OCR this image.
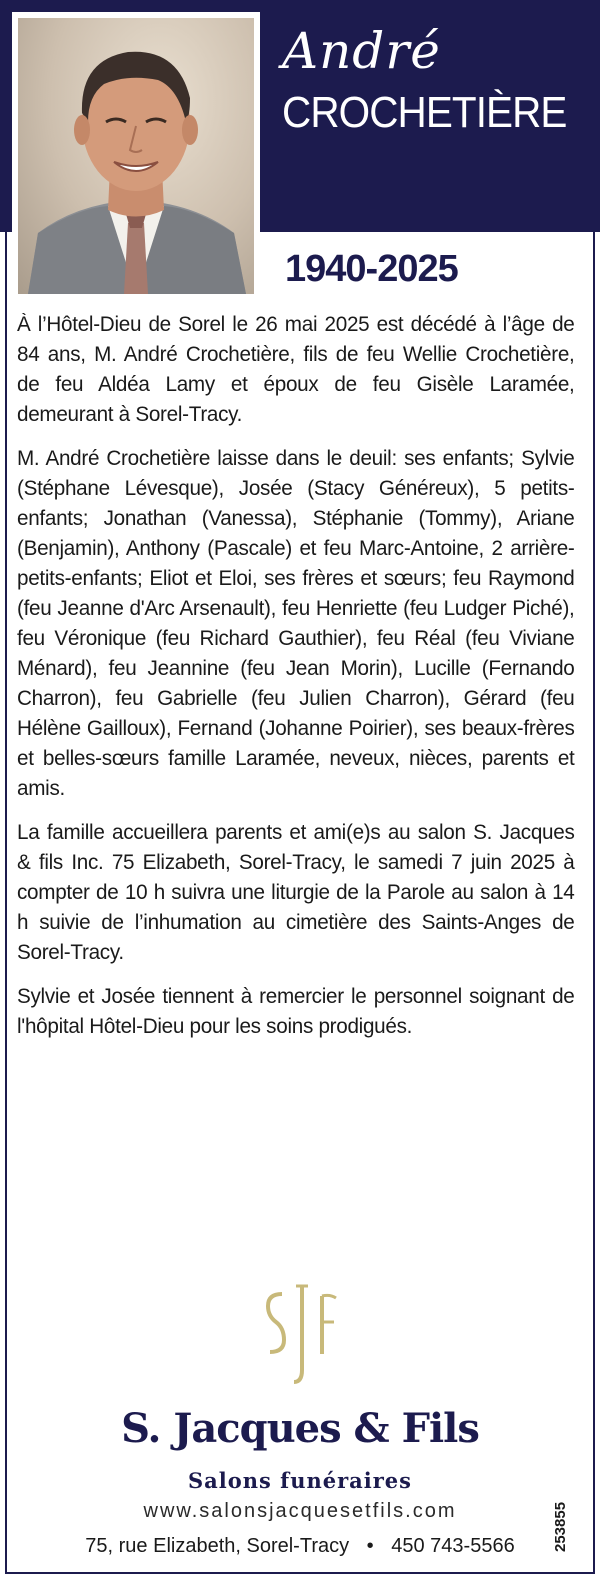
André
CROCHETIÈRE
1940-2025

À l’Hôtel-Dieu de Sorel le 26 mai 2025 est décédé à l’âge de 84 ans, M. André Crochetière, fils de feu Wellie Crochetière, de feu Aldéa Lamy et époux de feu Gisèle Laramée, demeurant à Sorel-Tracy.

M. André Crochetière laisse dans le deuil: ses enfants; Sylvie (Stéphane Lévesque), Josée (Stacy Généreux), 5 petits-enfants; Jonathan (Vanessa), Stéphanie (Tommy), Ariane (Benjamin), Anthony (Pascale) et feu Marc-Antoine, 2 arrière-petits-enfants; Eliot et Eloi, ses frères et sœurs; feu Raymond (feu Jeanne d'Arc Arsenault), feu Henriette (feu Ludger Piché), feu Véronique (feu Richard Gauthier), feu Réal (feu Viviane Ménard), feu Jeannine (feu Jean Morin), Lucille (Fernando Charron), feu Gabrielle (feu Julien Charron), Gérard (feu Hélène Gailloux), Fernand (Johanne Poirier), ses beaux-frères et belles-sœurs famille Laramée, neveux, nièces, parents et amis.

La famille accueillera parents et ami(e)s au salon S. Jacques & fils Inc. 75 Elizabeth, Sorel-Tracy, le samedi 7 juin 2025 à compter de 10 h suivra une liturgie de la Parole au salon à 14 h suivie de l’inhumation au cimetière des Saints-Anges de Sorel-Tracy.

Sylvie et Josée tiennent à remercier le personnel soignant de l'hôpital Hôtel-Dieu pour les soins prodigués.

S. Jacques & Fils
Salons funéraires
www.salonsjacquesetfils.com
75, rue Elizabeth, Sorel-Tracy • 450 743-5566	253855
